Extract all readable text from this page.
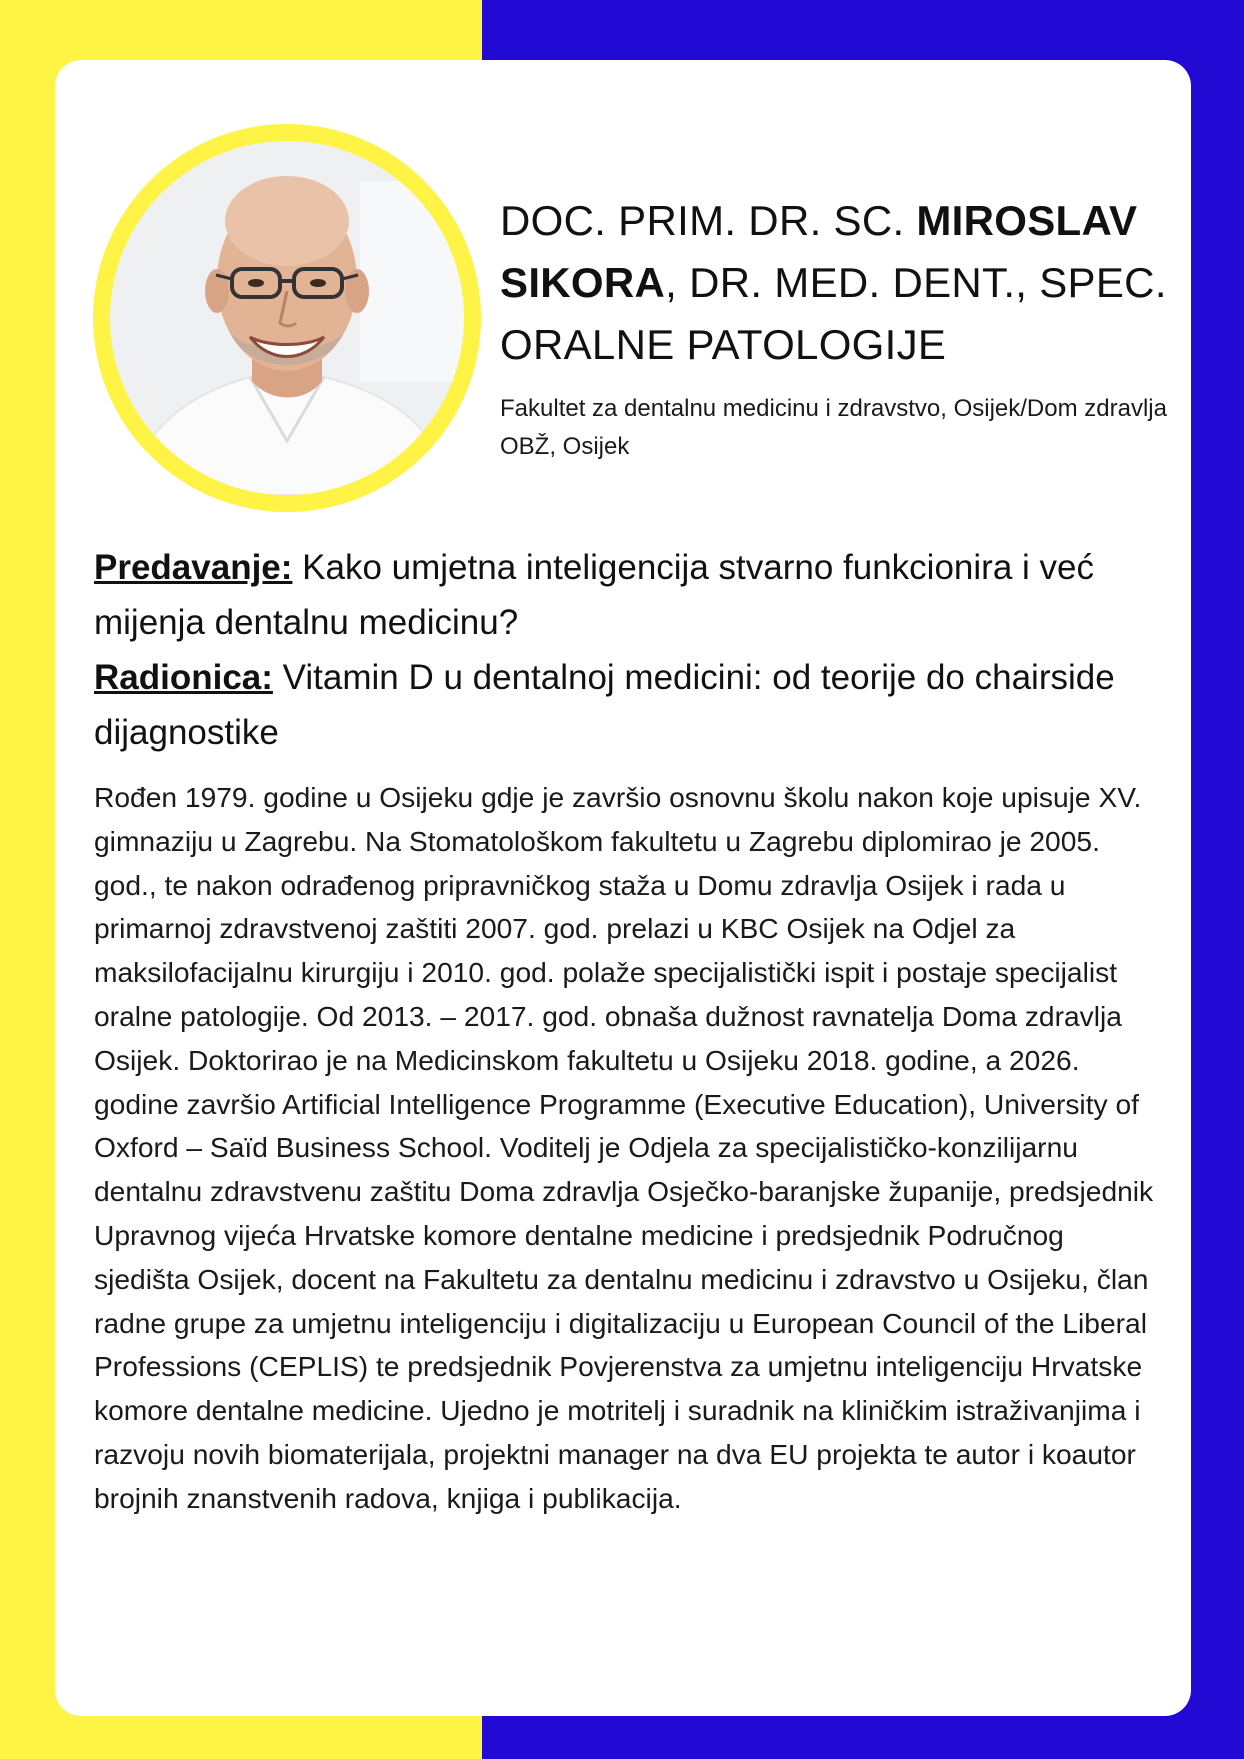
DOC. PRIM. DR. SC. MIROSLAV SIKORA, DR. MED. DENT., SPEC. ORALNE PATOLOGIJE
Fakultet za dentalnu medicinu i zdravstvo, Osijek/Dom zdravlja OBŽ, Osijek
Predavanje: Kako umjetna inteligencija stvarno funkcionira i već mijenja dentalnu medicinu?
Radionica: Vitamin D u dentalnoj medicini: od teorije do chairside dijagnostike
Rođen 1979. godine u Osijeku gdje je završio osnovnu školu nakon koje upisuje XV. gimnaziju u Zagrebu. Na Stomatološkom fakultetu u Zagrebu diplomirao je 2005. god., te nakon odrađenog pripravničkog staža u Domu zdravlja Osijek i rada u primarnoj zdravstvenoj zaštiti 2007. god. prelazi u KBC Osijek na Odjel za maksilofacijalnu kirurgiju i 2010. god. polaže specijalistički ispit i postaje specijalist oralne patologije. Od 2013. – 2017. god. obnaša dužnost ravnatelja Doma zdravlja Osijek. Doktorirao je na Medicinskom fakultetu u Osijeku 2018. godine, a 2026. godine završio Artificial Intelligence Programme (Executive Education), University of Oxford – Saïd Business School. Voditelj je Odjela za specijalističko-konzilijarnu dentalnu zdravstvenu zaštitu Doma zdravlja Osječko-baranjske županije, predsjednik Upravnog vijeća Hrvatske komore dentalne medicine i predsjednik Područnog sjedišta Osijek, docent na Fakultetu za dentalnu medicinu i zdravstvo u Osijeku, član radne grupe za umjetnu inteligenciju i digitalizaciju u European Council of the Liberal Professions (CEPLIS) te predsjednik Povjerenstva za umjetnu inteligenciju Hrvatske komore dentalne medicine. Ujedno je motritelj i suradnik na kliničkim istraživanjima i razvoju novih biomaterijala, projektni manager na dva EU projekta te autor i koautor brojnih znanstvenih radova, knjiga i publikacija.
